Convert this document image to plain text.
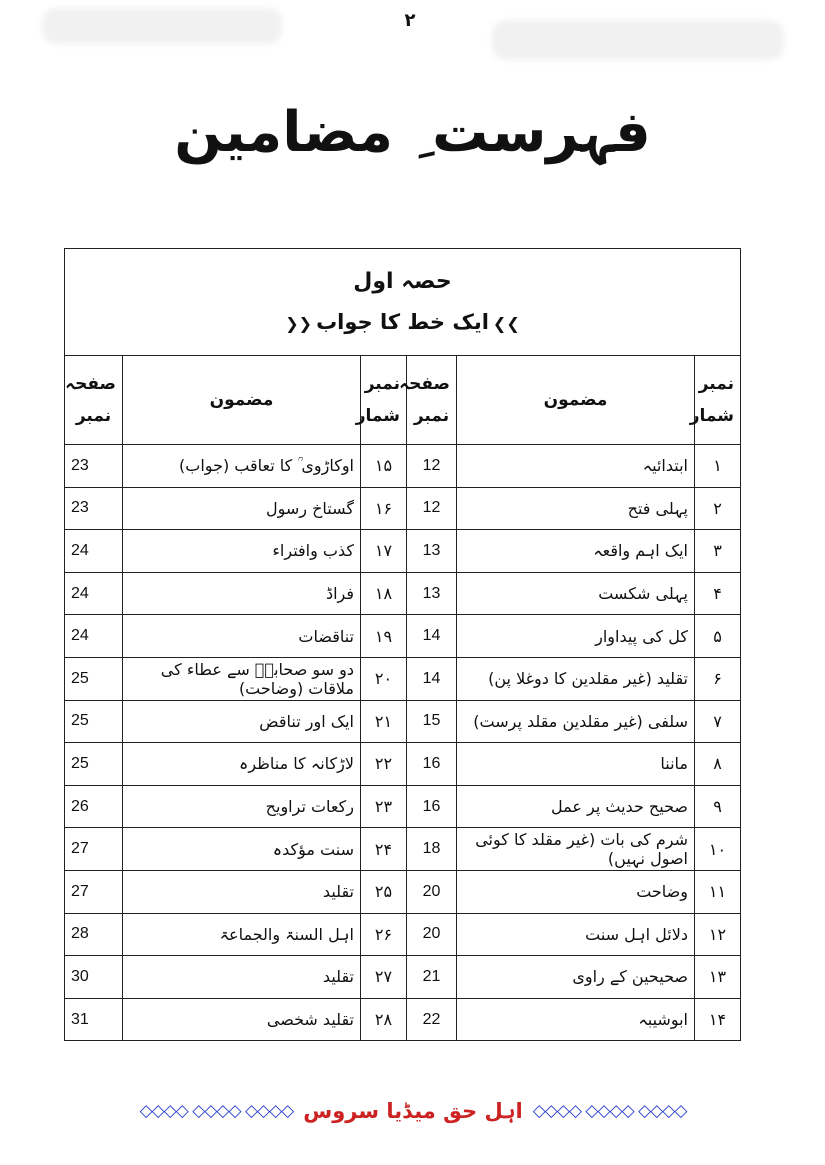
۲
فہرست ِ مضامین
حصہ اول
❯❯ایک خط کا جواب❮❮					

نمبر شمار	مضمون	صفحہ نمبر	نمبر شمار	مضمون	صفحہ نمبر
۱	ابتدائیہ	12	۱۵	اوکاڑوی ؒ کا تعاقب (جواب)	23
۲	پہلی فتح	12	۱۶	گستاخ رسول	23
۳	ایک اہم واقعہ	13	۱۷	کذب وافتراء	24
۴	پہلی شکست	13	۱۸	فراڈ	24
۵	کل کی پیداوار	14	۱۹	تناقضات	24
۶	تقلید (غیر مقلدین کا دوغلا پن)	14	۲۰	دو سو صحابہؓ سے عطاء کی ملاقات (وضاحت)	25
۷	سلفی (غیر مقلدین مقلد پرست)	15	۲۱	ایک اور تناقض	25
۸	ماننا	16	۲۲	لاڑکانہ کا مناظرہ	25
۹	صحیح حدیث پر عمل	16	۲۳	رکعات تراویح	26
۱۰	شرم کی بات (غیر مقلد کا کوئی اصول نہیں)	18	۲۴	سنت مؤکدہ	27
۱۱	وضاحت	20	۲۵	تقلید	27
۱۲	دلائل اہل سنت	20	۲۶	اہل السنۃ والجماعۃ	28
۱۳	صحیحین کے راوی	21	۲۷	تقلید	30
۱۴	ابوشیبہ	22	۲۸	تقلید شخصی	31
◇◇◇◇ ◇◇◇◇ ◇◇◇◇
اہل حق میڈیا سروس
◇◇◇◇ ◇◇◇◇ ◇◇◇◇
